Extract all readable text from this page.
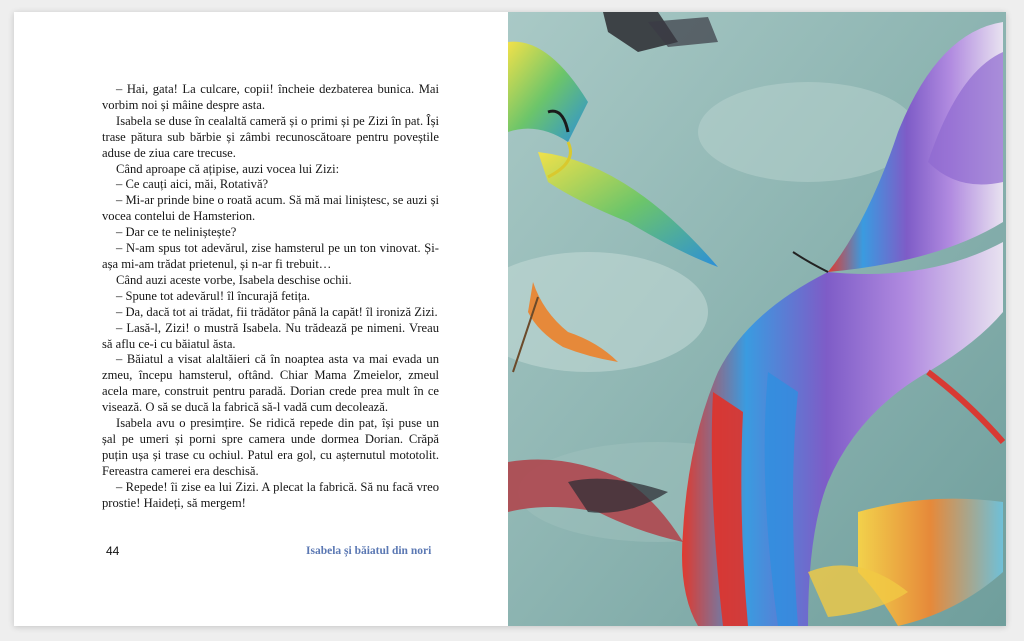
– Hai, gata! La culcare, copii! încheie dezbaterea bunica. Mai vorbim noi și mâine despre asta.

Isabela se duse în cealaltă cameră și o primi și pe Zizi în pat. Își trase pătura sub bărbie și zâmbi recunoscătoare pentru poveștile aduse de ziua care trecuse.

Când aproape că ațipise, auzi vocea lui Zizi:

– Ce cauți aici, măi, Rotativă?

– Mi-ar prinde bine o roată acum. Să mă mai liniștesc, se auzi și vocea contelui de Hamsterion.

– Dar ce te neliniștește?

– N-am spus tot adevărul, zise hamsterul pe un ton vinovat. Și-așa mi-am trădat prietenul, și n-ar fi trebuit…

Când auzi aceste vorbe, Isabela deschise ochii.

– Spune tot adevărul! îl încurajă fetița.

– Da, dacă tot ai trădat, fii trădător până la capăt! îl ironiză Zizi.

– Lasă-l, Zizi! o mustră Isabela. Nu trădează pe nimeni. Vreau să aflu ce-i cu băiatul ăsta.

– Băiatul a visat alaltăieri că în noaptea asta va mai evada un zmeu, începu hamsterul, oftând. Chiar Mama Zmeielor, zmeul acela mare, construit pentru paradă. Dorian crede prea mult în ce visează. O să se ducă la fabrică să-l vadă cum decolează.

Isabela avu o presimțire. Se ridică repede din pat, își puse un șal pe umeri și porni spre camera unde dormea Dorian. Crăpă puțin ușa și trase cu ochiul. Patul era gol, cu așternutul mototolit. Fereastra camerei era deschisă.

– Repede! îi zise ea lui Zizi. A plecat la fabrică. Să nu facă vreo prostie! Haideți, să mergem!

44	Isabela și băiatul din nori
